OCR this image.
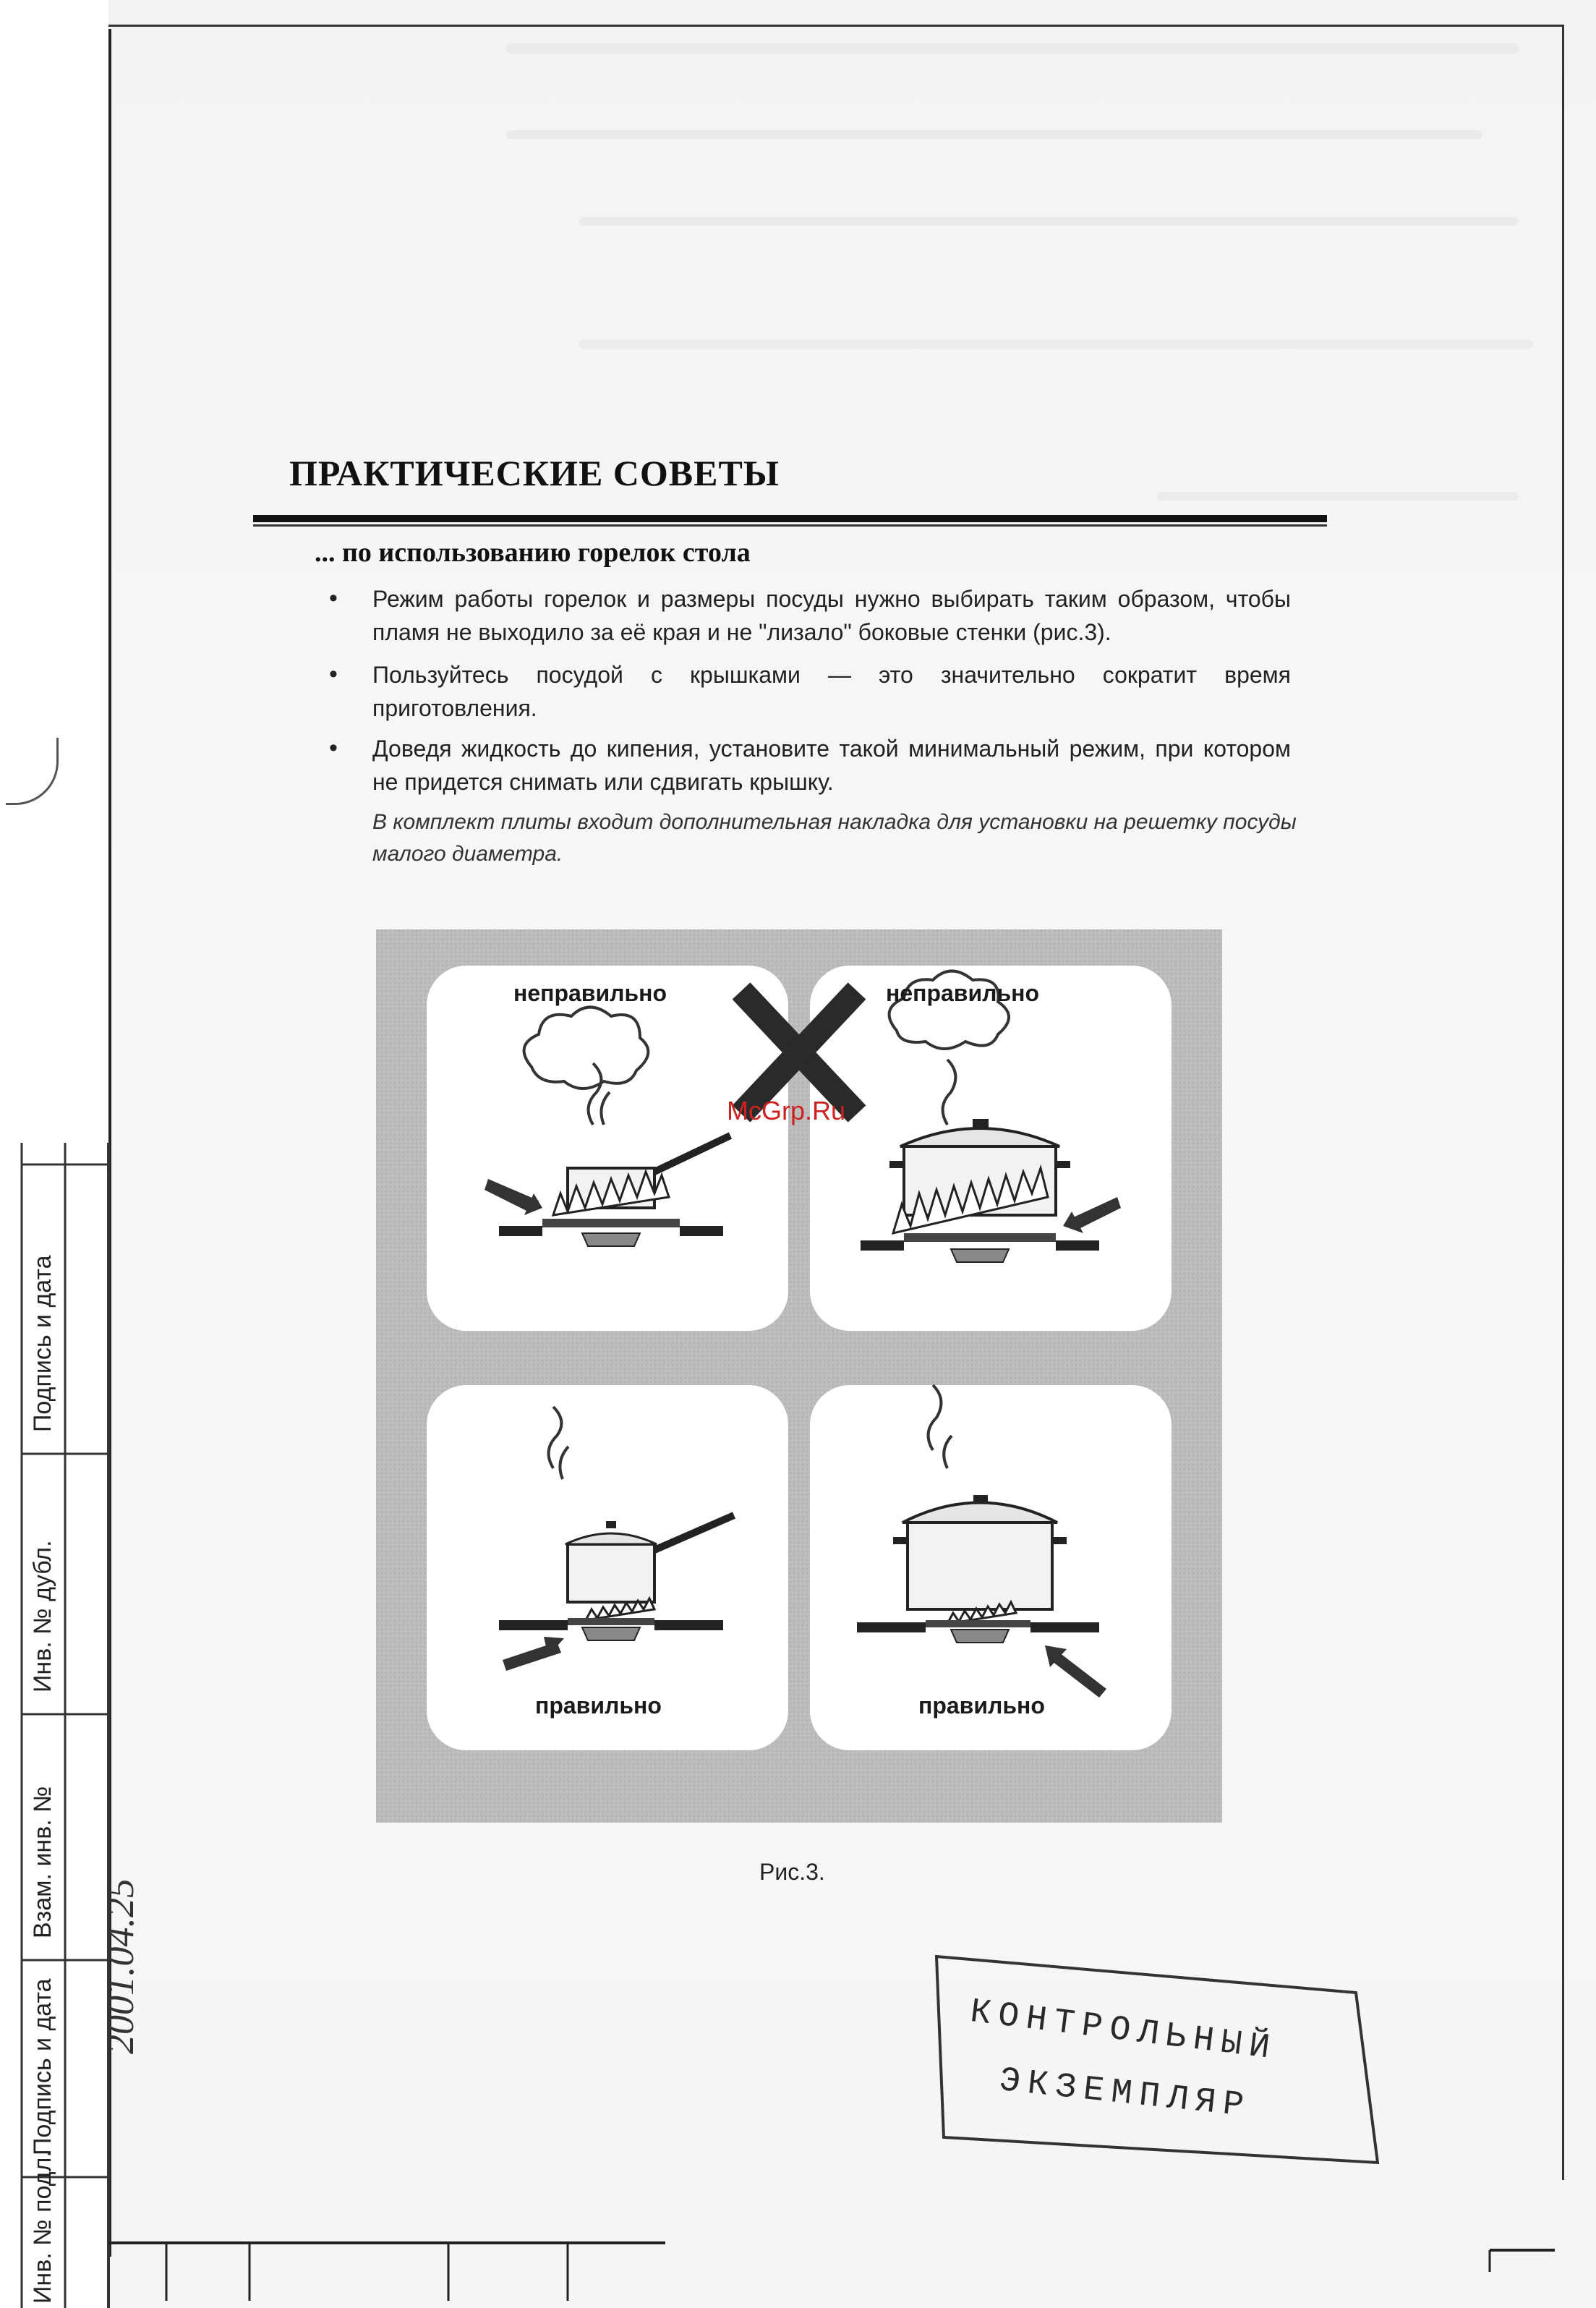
ПРАКТИЧЕСКИЕ СОВЕТЫ
... по использованию горелок стола
•	Режим работы горелок и размеры посуды нужно выбирать таким образом, чтобы пламя не выходило за её края и не "лизало" боковые стенки (рис.3).
•	Пользуйтесь посудой с крышками — это значительно сократит время приготовления.
•	Доведя жидкость до кипения, установите такой минимальный режим, при котором не придется снимать или сдвигать крышку.
В комплект плиты входит дополнительная накладка для установки на решетку посуды малого диаметра.
неправильно	неправильно
правильно	правильно
McGrp.Ru
Рис.3.
КОНТРОЛЬНЫЙ
ЭКЗЕМПЛЯР
Подпись и дата
Инв. № дубл.
Взам. инв. №
Подпись и дата
Инв. № подл.
2001.04.25
